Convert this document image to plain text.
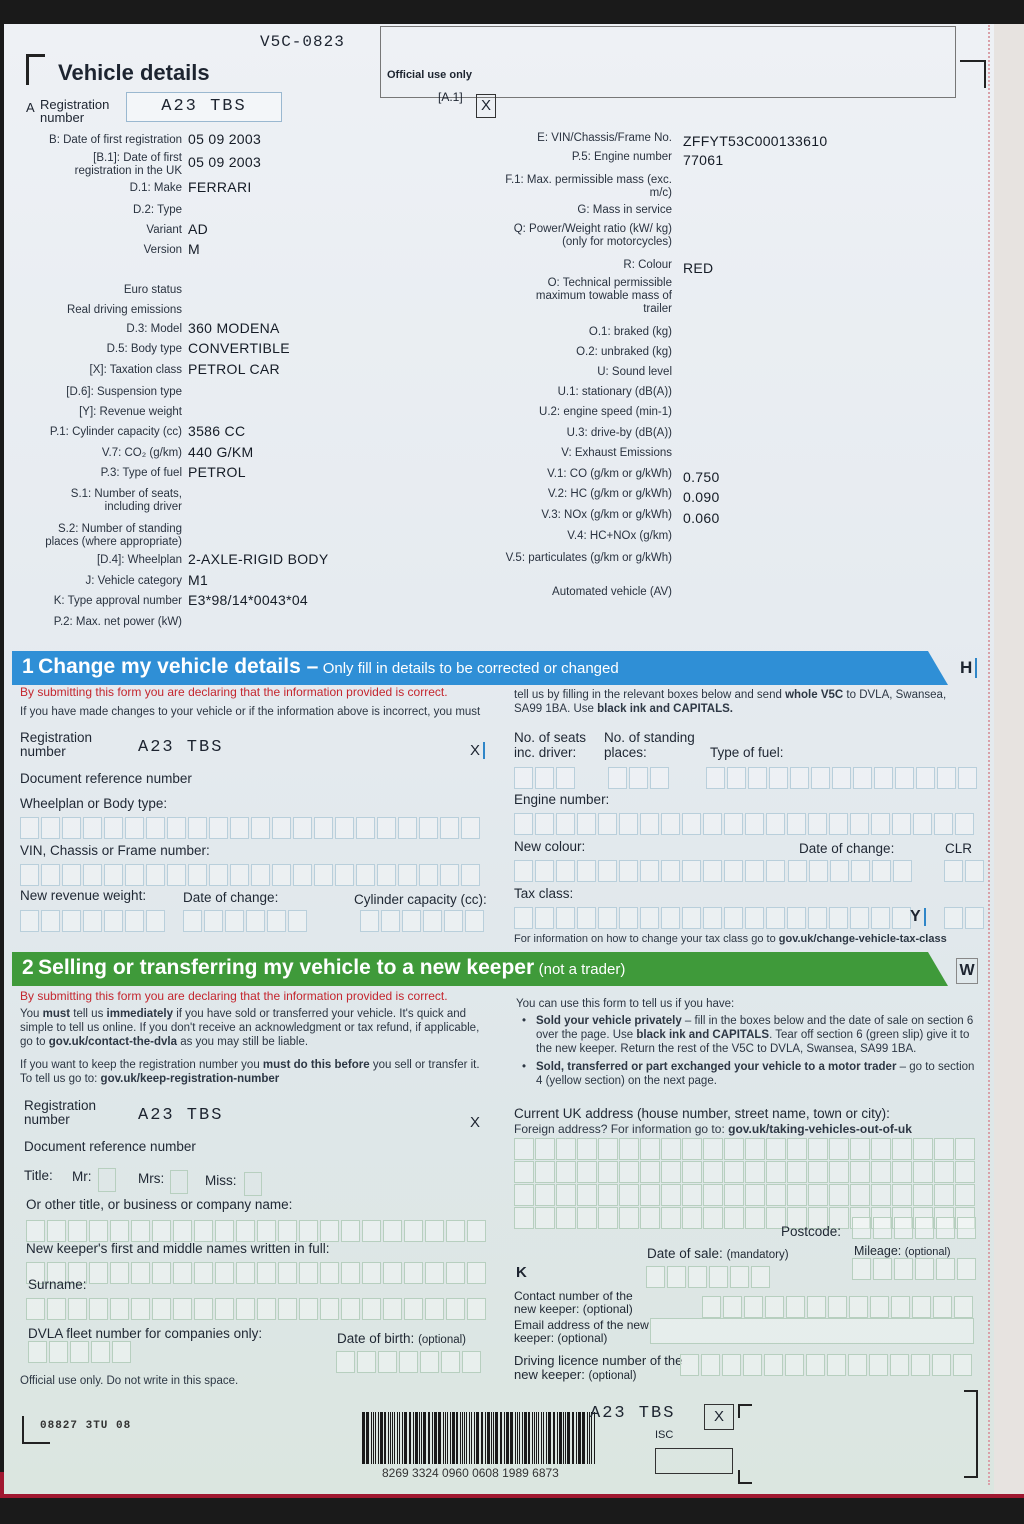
V5C-0823
Vehicle details	Official use only
A Registration number
A23 TBS	[A.1]	X
B: Date of first registration 05 09 2003
[B.1]: Date of first registration in the UK
05 09 2003
D.1: Make FERRARI
D.2: Type
Variant AD
Version M
Euro status
Real driving emissions
D.3: Model 360 MODENA
D.5: Body type CONVERTIBLE
[X]: Taxation class PETROL CAR
[D.6]: Suspension type
[Y]: Revenue weight
P.1: Cylinder capacity (cc) 3586 CC
V.7: CO₂ (g/km) 440 G/KM
P.3: Type of fuel PETROL
S.1: Number of seats, including driver
S.2: Number of standing places (where appropriate)
[D.4]: Wheelplan 2-AXLE-RIGID BODY
J: Vehicle category M1
K: Type approval number E3*98/14*0043*04
P.2: Max. net power (kW)
E: VIN/Chassis/Frame No. ZFFYT53C000133610
P.5: Engine number 77061
F.1: Max. permissible mass (exc. m/c)
G: Mass in service
Q: Power/Weight ratio (kW/ kg) (only for motorcycles)
R: Colour RED
O: Technical permissible maximum towable mass of trailer
O.1: braked (kg)
O.2: unbraked (kg)
U: Sound level
U.1: stationary (dB(A))
U.2: engine speed (min-1)
U.3: drive-by (dB(A))
V: Exhaust Emissions
V.1: CO (g/km or g/kWh) 0.750
V.2: HC (g/km or g/kWh) 0.090
V.3: NOx (g/km or g/kWh) 0.060
V.4: HC+NOx (g/km)
V.5: particulates (g/km or g/kWh)
Automated vehicle (AV)
1 Change my vehicle details – Only fill in details to be corrected or changed	H
By submitting this form you are declaring that the information provided is correct.
If you have made changes to your vehicle or if the information above is incorrect, you must
tell us by filling in the relevant boxes below and send whole V5C to DVLA, Swansea, SA99 1BA. Use black ink and CAPITALS.
Registration number	A23 TBS	X
Document reference number
Wheelplan or Body type:
VIN, Chassis or Frame number:
New revenue weight:	Date of change:	Cylinder capacity (cc):
No. of seats inc. driver:
No. of standing places:	Type of fuel:
Engine number:
New colour:	Date of change:	CLR
Tax class:
Y
For information on how to change your tax class go to gov.uk/change-vehicle-tax-class
2 Selling or transferring my vehicle to a new keeper (not a trader)	W
By submitting this form you are declaring that the information provided is correct.
You must tell us immediately if you have sold or transferred your vehicle. It's quick and simple to tell us online. If you don't receive an acknowledgment or tax refund, if applicable, go to gov.uk/contact-the-dvla as you may still be liable.
If you want to keep the registration number you must do this before you sell or transfer it. To tell us go to: gov.uk/keep-registration-number
You can use this form to tell us if you have:
• Sold your vehicle privately – fill in the boxes below and the date of sale on section 6 over the page. Use black ink and CAPITALS. Tear off section 6 (green slip) give it to the new keeper. Return the rest of the V5C to DVLA, Swansea, SA99 1BA.
• Sold, transferred or part exchanged your vehicle to a motor trader – go to section 4 (yellow section) on the next page.
Registration number	A23 TBS	X
Document reference number
Title: Mr:	Mrs:	Miss:
Or other title, or business or company name:
New keeper's first and middle names written in full:
Surname:
DVLA fleet number for companies only:	Date of birth: (optional)
Official use only. Do not write in this space.
Current UK address (house number, street name, town or city):
Foreign address? For information go to: gov.uk/taking-vehicles-out-of-uk
Postcode:
K
Date of sale: (mandatory)	Mileage: (optional)
Contact number of the new keeper: (optional)
Email address of the new keeper: (optional)
Driving licence number of the new keeper: (optional)
08827 3TU 08
8269 3324 0960 0608 1989 6873
A23 TBS	X
ISC
